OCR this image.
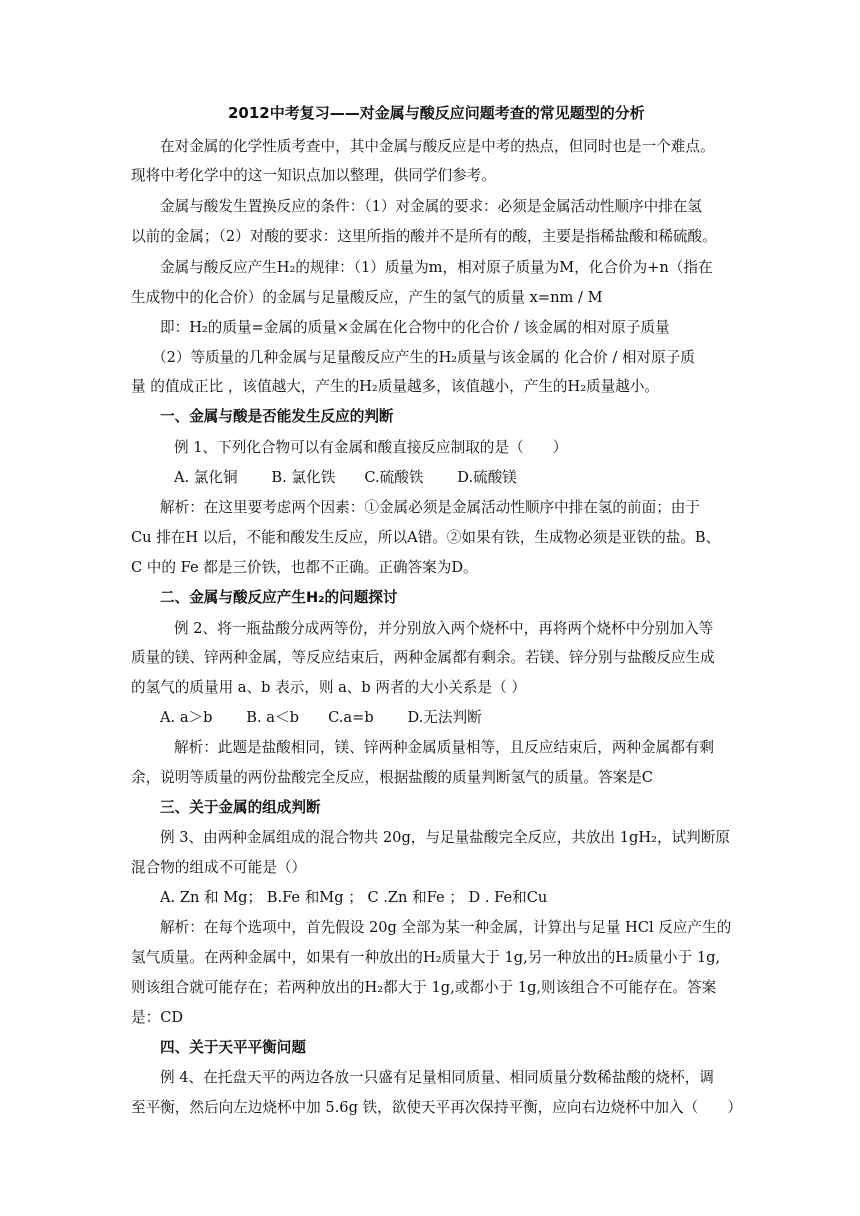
2012中考复习——对金属与酸反应问题考查的常见题型的分析
在对金属的化学性质考查中，其中金属与酸反应是中考的热点，但同时也是一个难点。
现将中考化学中的这一知识点加以整理，供同学们参考。
金属与酸发生置换反应的条件：（1）对金属的要求：必须是金属活动性顺序中排在氢
以前的金属；（2）对酸的要求：这里所指的酸并不是所有的酸，主要是指稀盐酸和稀硫酸。
金属与酸反应产生H₂的规律：（1）质量为m，相对原子质量为M，化合价为+n（指在
生成物中的化合价）的金属与足量酸反应，产生的氢气的质量 x=nm / M
即：H₂的质量=金属的质量×金属在化合物中的化合价 / 该金属的相对原子质量
（2）等质量的几种金属与足量酸反应产生的H₂质量与该金属的 化合价 / 相对原子质
量 的值成正比 ，该值越大，产生的H₂质量越多，该值越小，产生的H₂质量越小。
一、金属与酸是否能发生反应的判断
例 1、下列化合物可以有金属和酸直接反应制取的是（　　）
A. 氯化铜　　 B. 氯化铁　　C.硫酸铁　　 D.硫酸镁
解析：在这里要考虑两个因素：①金属必须是金属活动性顺序中排在氢的前面；由于
Cu 排在H 以后，不能和酸发生反应，所以A错。②如果有铁，生成物必须是亚铁的盐。B、
C 中的 Fe 都是三价铁，也都不正确。正确答案为D。
二、金属与酸反应产生H₂的问题探讨
例 2、将一瓶盐酸分成两等份，并分别放入两个烧杯中，再将两个烧杯中分别加入等
质量的镁、锌两种金属，等反应结束后，两种金属都有剩余。若镁、锌分别与盐酸反应生成
的氢气的质量用 a、b 表示，则 a、b 两者的大小关系是（ ）
A. a＞b　　 B. a＜b　　C.a=b　　 D.无法判断
解析：此题是盐酸相同，镁、锌两种金属质量相等，且反应结束后，两种金属都有剩
余，说明等质量的两份盐酸完全反应，根据盐酸的质量判断氢气的质量。答案是C
三、关于金属的组成判断
例 3、由两种金属组成的混合物共 20g，与足量盐酸完全反应，共放出 1gH₂，试判断原
混合物的组成不可能是（）
A. Zn 和 Mg； B.Fe 和Mg ； C .Zn 和Fe ； D . Fe和Cu
解析：在每个选项中，首先假设 20g 全部为某一种金属，计算出与足量 HCl 反应产生的
氢气质量。在两种金属中，如果有一种放出的H₂质量大于 1g,另一种放出的H₂质量小于 1g,
则该组合就可能存在；若两种放出的H₂都大于 1g,或都小于 1g,则该组合不可能存在。答案
是：CD
四、关于天平平衡问题
例 4、在托盘天平的两边各放一只盛有足量相同质量、相同质量分数稀盐酸的烧杯，调
至平衡，然后向左边烧杯中加 5.6g 铁，欲使天平再次保持平衡，应向右边烧杯中加入（　　）
